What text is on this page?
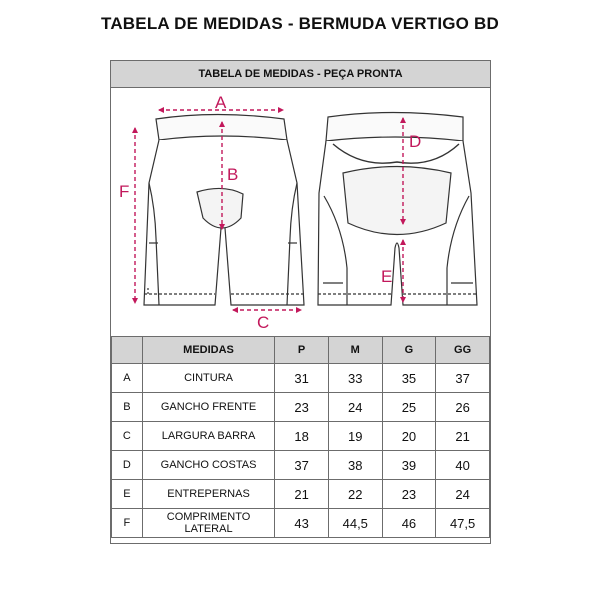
TABELA DE MEDIDAS - BERMUDA VERTIGO BD
TABELA DE MEDIDAS - PEÇA PRONTA
A
B
C
D
E
F
	MEDIDAS	P	M	G	GG
A	CINTURA	31	33	35	37
B	GANCHO FRENTE	23	24	25	26
C	LARGURA BARRA	18	19	20	21
D	GANCHO COSTAS	37	38	39	40
E	ENTREPERNAS	21	22	23	24
F	COMPRIMENTO LATERAL	43	44,5	46	47,5
